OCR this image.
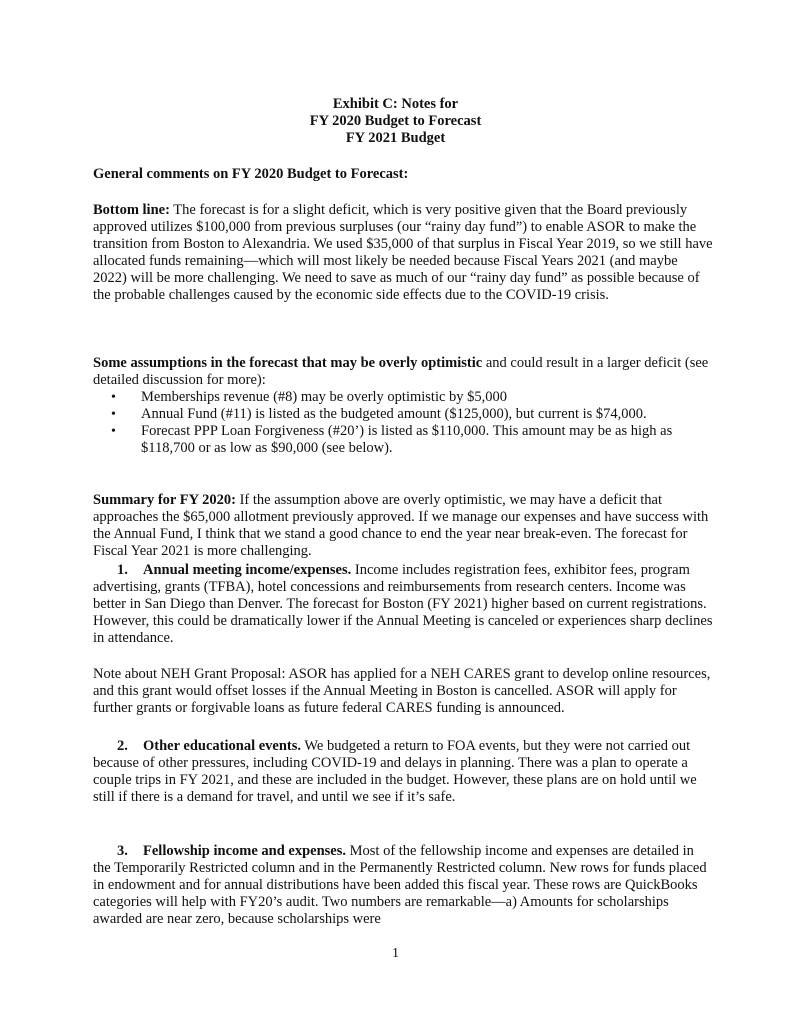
Exhibit C: Notes for
FY 2020 Budget to Forecast
FY 2021 Budget
General comments on FY 2020 Budget to Forecast:
Bottom line: The forecast is for a slight deficit, which is very positive given that the Board previously approved utilizes $100,000 from previous surpluses (our “rainy day fund”) to enable ASOR to make the transition from Boston to Alexandria. We used $35,000 of that surplus in Fiscal Year 2019, so we still have allocated funds remaining—which will most likely be needed because Fiscal Years 2021 (and maybe 2022) will be more challenging. We need to save as much of our “rainy day fund” as possible because of the probable challenges caused by the economic side effects due to the COVID-19 crisis.
Some assumptions in the forecast that may be overly optimistic and could result in a larger deficit (see detailed discussion for more):
• Memberships revenue (#8) may be overly optimistic by $5,000
• Annual Fund (#11) is listed as the budgeted amount ($125,000), but current is $74,000.
• Forecast PPP Loan Forgiveness (#20’) is listed as $110,000. This amount may be as high as $118,700 or as low as $90,000 (see below).
Summary for FY 2020: If the assumption above are overly optimistic, we may have a deficit that approaches the $65,000 allotment previously approved. If we manage our expenses and have success with the Annual Fund, I think that we stand a good chance to end the year near break-even. The forecast for Fiscal Year 2021 is more challenging.
1. Annual meeting income/expenses. Income includes registration fees, exhibitor fees, program advertising, grants (TFBA), hotel concessions and reimbursements from research centers. Income was better in San Diego than Denver. The forecast for Boston (FY 2021) higher based on current registrations. However, this could be dramatically lower if the Annual Meeting is canceled or experiences sharp declines in attendance.
Note about NEH Grant Proposal: ASOR has applied for a NEH CARES grant to develop online resources, and this grant would offset losses if the Annual Meeting in Boston is cancelled. ASOR will apply for further grants or forgivable loans as future federal CARES funding is announced.
2. Other educational events. We budgeted a return to FOA events, but they were not carried out because of other pressures, including COVID-19 and delays in planning. There was a plan to operate a couple trips in FY 2021, and these are included in the budget. However, these plans are on hold until we still if there is a demand for travel, and until we see if it’s safe.
3. Fellowship income and expenses. Most of the fellowship income and expenses are detailed in the Temporarily Restricted column and in the Permanently Restricted column. New rows for funds placed in endowment and for annual distributions have been added this fiscal year. These rows are QuickBooks categories will help with FY20’s audit. Two numbers are remarkable—a) Amounts for scholarships awarded are near zero, because scholarships were
1
